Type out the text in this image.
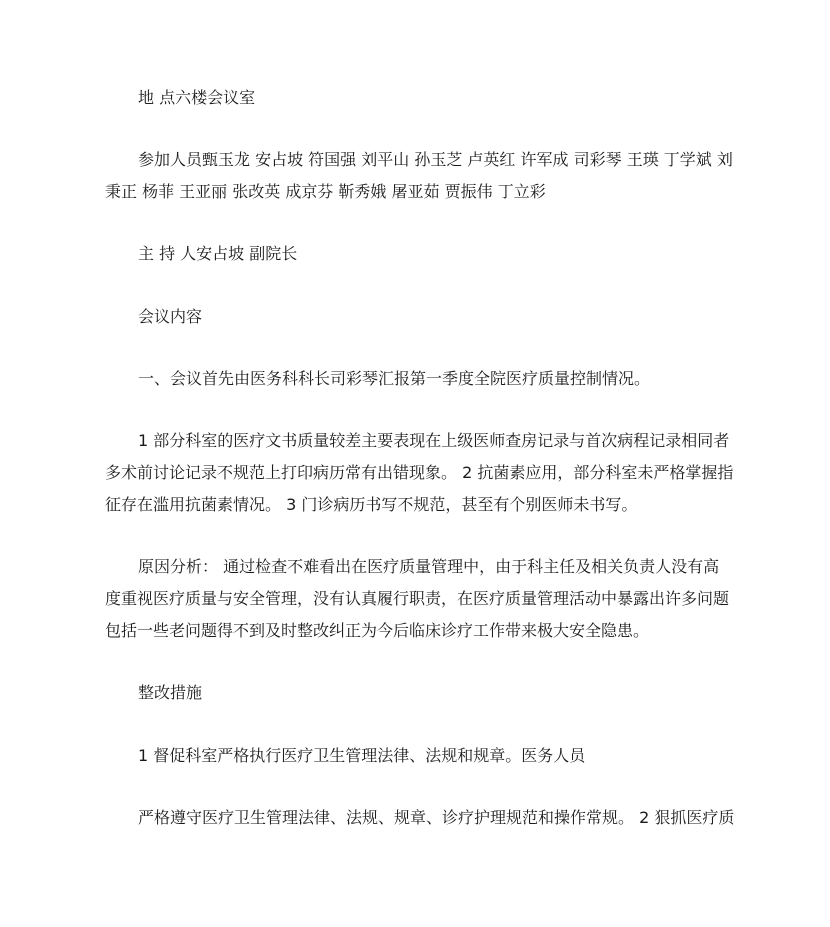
地 点六楼会议室
参加人员甄玉龙 安占坡 符国强 刘平山 孙玉芝 卢英红 许军成 司彩琴 王瑛 丁学斌 刘
秉正 杨菲 王亚丽 张改英 成京芬 靳秀娥 屠亚茹 贾振伟 丁立彩
主 持 人安占坡 副院长
会议内容
一、会议首先由医务科科长司彩琴汇报第一季度全院医疗质量控制情况。
1 部分科室的医疗文书质量较差主要表现在上级医师查房记录与首次病程记录相同者
多术前讨论记录不规范上打印病历常有出错现象。 2 抗菌素应用，部分科室未严格掌握指
征存在滥用抗菌素情况。 3 门诊病历书写不规范，甚至有个别医师未书写。
原因分析： 通过检查不难看出在医疗质量管理中，由于科主任及相关负责人没有高
度重视医疗质量与安全管理，没有认真履行职责，在医疗质量管理活动中暴露出许多问题
包括一些老问题得不到及时整改纠正为今后临床诊疗工作带来极大安全隐患。
整改措施
1 督促科室严格执行医疗卫生管理法律、法规和规章。医务人员
严格遵守医疗卫生管理法律、法规、规章、诊疗护理规范和操作常规。 2 狠抓医疗质
